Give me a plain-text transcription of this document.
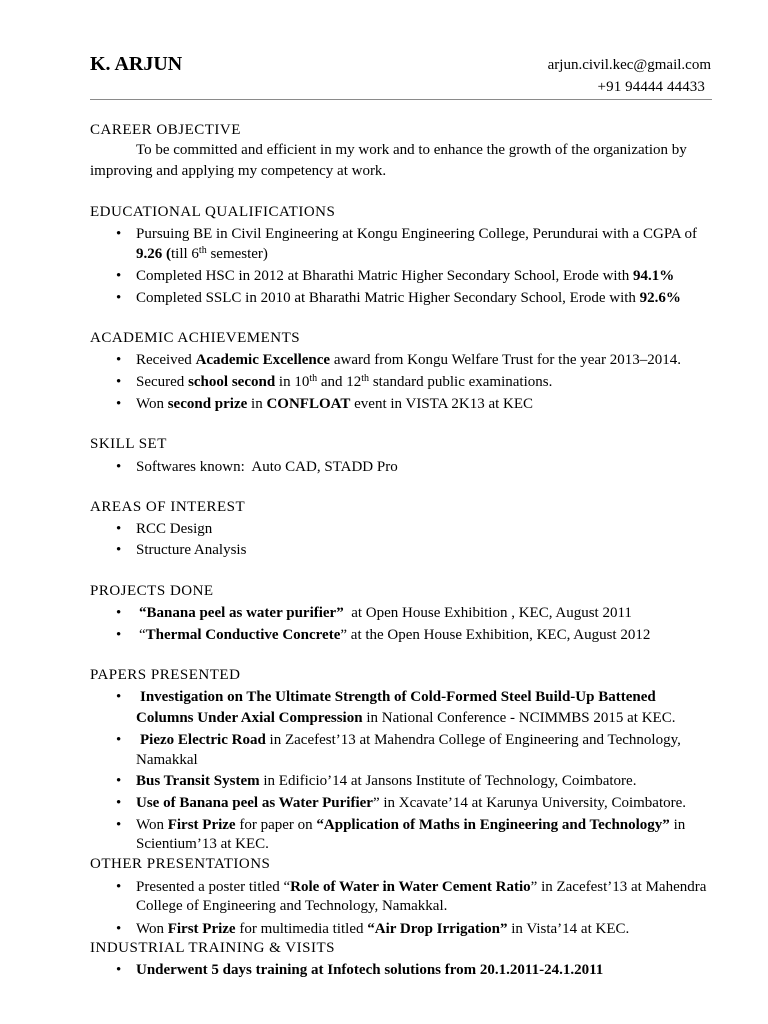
K. ARJUN	arjun.civil.kec@gmail.com
+91 94444 44433
CAREER OBJECTIVE
To be committed and efficient in my work and to enhance the growth of the organization by
improving and applying my competency at work.
EDUCATIONAL QUALIFICATIONS
•
Pursuing BE in Civil Engineering at Kongu Engineering College, Perundurai with a CGPA of
9.26 (till 6th semester)
•
Completed HSC in 2012 at Bharathi Matric Higher Secondary School, Erode with 94.1%
•
Completed SSLC in 2010 at Bharathi Matric Higher Secondary School, Erode with 92.6%
ACADEMIC ACHIEVEMENTS
•
Received Academic Excellence award from Kongu Welfare Trust for the year 2013–2014.
•
Secured school second in 10th and 12th standard public examinations.
•
Won second prize in CONFLOAT event in VISTA 2K13 at KEC
SKILL SET
•
Softwares known:  Auto CAD, STADD Pro
AREAS OF INTEREST
•
RCC Design
•
Structure Analysis
PROJECTS DONE
•
“Banana peel as water purifier”  at Open House Exhibition , KEC, August 2011
•
“Thermal Conductive Concrete” at the Open House Exhibition, KEC, August 2012
PAPERS PRESENTED
•
Investigation on The Ultimate Strength of Cold-Formed Steel Build-Up Battened
Columns Under Axial Compression in National Conference - NCIMMBS 2015 at KEC.
•
Piezo Electric Road in Zacefest’13 at Mahendra College of Engineering and Technology,
Namakkal
•
Bus Transit System in Edificio’14 at Jansons Institute of Technology, Coimbatore.
•
Use of Banana peel as Water Purifier” in Xcavate’14 at Karunya University, Coimbatore.
•
Won First Prize for paper on “Application of Maths in Engineering and Technology” in
Scientium’13 at KEC.
OTHER PRESENTATIONS
•
Presented a poster titled “Role of Water in Water Cement Ratio” in Zacefest’13 at Mahendra
College of Engineering and Technology, Namakkal.
•
Won First Prize for multimedia titled “Air Drop Irrigation” in Vista’14 at KEC.
INDUSTRIAL TRAINING & VISITS
•
Underwent 5 days training at Infotech solutions from 20.1.2011-24.1.2011
